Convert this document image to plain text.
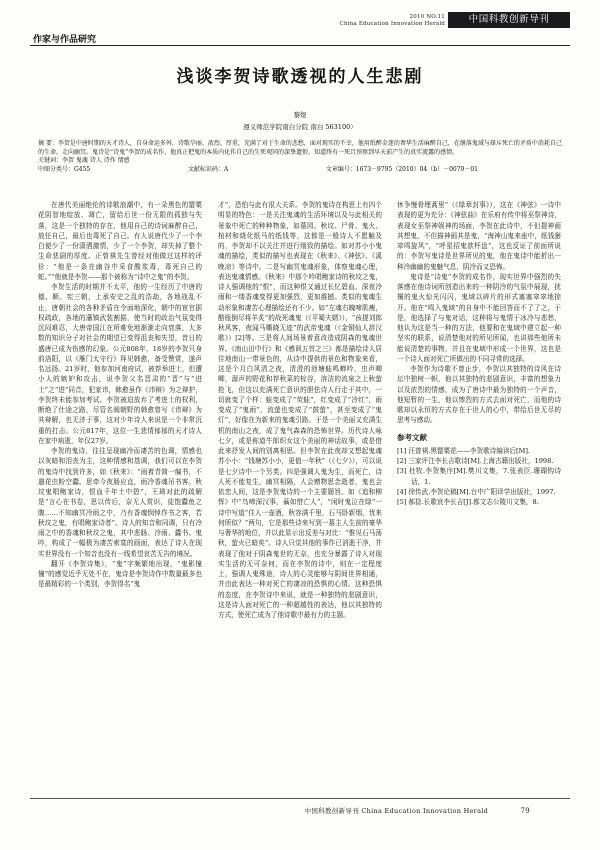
2010 NO.11
China Education Innovation Herald	中国科教创新导刊
作家与作品研究
浅谈李贺诗歌透视的人生悲剧
黎煜
遵义师范学院南白分院 南白 563100）

摘 要：李贺是中唐时期的天才诗人，自身命运多舛，诗歌孕丽、浓烈、厚重，充满了对于生命的悲愁，面对现实的不幸，他用纸醉金迷的奢华生活麻醉自己，在继落鬼域与择斥死亡的矛盾中消耗自己的生命，走向幽冥。鬼诗是“诗鬼”李贺的成名作，他真正把鬼的本质内化作自己的生死观同的深挚遗恨，知道终有一死且预察到早天前产生的真实流露的感情。

关键词：李贺 鬼魂 诗人 诗作 情感

中图分类号：G455	文献标识码：A	文章编号：1673－9795（2010）04（b）－0079－01

在唐代美丽绝伦的诗歌浪潮中，有一朵黑色的罂粟花阴智地绽放、凋亡，留给后世一份无限的孤独与失落，这是一个独特的存在，他用自己的诗词麻醉自己，放任自己，最后也毒死了自己。有人说唐代少了一个李白便少了一份潇洒激情，少了一个李贺，却失掉了整个生命悲剧的厚度。正曾祺先生曾经对他做过这样的评价：“他是一条在幽谷中采食酸浆毒，毒死自己的蛇。”“他就是李贺——那个被称为“诗中之鬼”的李贺。

李贺生活的时期并不太平，他的一生经历了中唐的德、顺、宪三朝，上承安史之乱的浩劫，各地战乱不止，唐朝社会的各种矛盾在令面地深化，朝中的宦官据权疏政，各地的藩镇武装割据，使当时的政治气氛变得沉闷难忍，大唐帝国江在所难免地渐渐走向衰落，大多数的知识分子对社会的期望已变得沮丧和失望，昔日的盛唐已成为伤感的幻象。公元808年，18岁的李贺只身前洛阳，以《雁门太守行》拜见韩愈，备受赞赏，遂声名远扬。21岁时，他参加河南府试，被荐举进士，但遭小人的嫉妒和攻击，说李贺父名晋肃的“晋”与“进士”之“进”同音，犯家讳，韩愈虽作《讳辩》为之辩护，李贺终未能参加考试。李贺被迫放弃了考进士的权利，断绝了仕途之路，尽管名阀朝野的韩愈曾写《讳辩》为其辩解，也无济于事，这对少年诗人来说是一个非常沉重的打击。公元817年，这位一生悲情郁郁的天才诗人在家中病逝，年仅27岁。

李贺的鬼诗，往往呈现幽冷而凄苦的色调，情感也以灰暗和泪丧为主，这种情感和基调，我们可以在李贺的鬼诗中找到许多，如《秋来》：“雨着青简一编书，不遣花虫粉空蠹。思牵今夜肠应直，雨冷香魂吊书客。秋坟鬼唱鲍家诗，恨血千年土中碧”，王琦对此的疏解是“言心在书卷，思以传后，奈无人赏识，徒饱蠹鱼之腹……不知幽冥冷雨之中，乃有香魂悯悼作书之客，若秋坟之鬼，有唱鲍家诗者”。诗人的知音和同调，只有冷雨之中的香魂和秋坟之鬼，其中悲肠、冷雨、蠹书、鬼吟，构成了一幅极为凄苦索寞的画面，表达了诗人在现实世界没有一个知音也没有一线希望哀苦无告的境况。

翻开《李贺诗集》，“鬼”字频繁地出现，“鬼影憧憧”的感觉近乎无处不在，鬼诗是李贺诗作中数量最多也是最精彩的一个类别，李贺得名“鬼

才”，恐怕与此有很大关系。李贺的鬼诗在构思上有四个明显的特色：一是关注鬼魂的生活环境以及与此相关的景象中死亡的种种物象，如墓园、秋坟、尸骨、鬼火、棺材和烧化纸马的纸钱等，这都是一般诗人不愿触及的，李贺却不以关注并进行细致的描绘。如对苏小小鬼魂的描绘，类似的描写也表现在《秋来》、《神弦》、《溪晚凉》等诗中。二是写幽冥鬼魂形象，体察鬼魂心理，表达鬼魂情感。《秋来》中那个吟唱鲍家诗的秋坟之鬼，诗人强调他的“恨”，而这种恨又通过长忆碧血、深夜冷雨和一缕香魂变得更加强烈，更加震撼。类似的鬼魂生动形象和凄苦心理描绘还有不少。如“左魂右魄啼肌瘦，酪瓶倒尽将羊炙”的战死魂鬼（《平蜀夫婿》），“孩提刘郎秋风客，夜闻马嘶晓无迹”的武帝鬼魂（《金铜仙人辞汉歌》）[2]等。三是将人间场景着意改造成阴森的鬼魂世界。《南山田中行》和《感讽五首之三》都是描绘诗人居住地南山一带景色的，从诗中提供的景色和物象来看，这是个月白风清之夜，清澄的池塘蛙鸣蝉吟，虫声唧唧，潺声的野花和荐秋菜的棕谷，溶洁的流泉之上秋萤抢飞，但这以充满死亡意识的胆怯诗人行走于其中，一切就变了个样：蛙变成了“荧蛙”，红变成了“冷红”，雨变成了“鬼雨”，流萤也变成了“鼓萤”，甚至变成了“鬼灯”，好像在为新来的鬼魂引路。于是一个美丽又充满生机的南山之夜，成了鬼气森森的恐怖世界。历代诗人咏七夕，或是称道牛郎织女这个美丽的神话故事，或是借此来抒发人间的别离相思。但李贺在此夜却又想起鬼魂苏小小：“钱塘苏小小，更值一年秋”（《七夕》），可以说是七夕诗中一个另类。四是强调人鬼为生，而死亡，诗人死不能复生，幽冥相隔，人会赠物思念逝者，鬼也会依恋人间，这是李贺鬼诗的一个主要题旨。如《追和柳恽》中“鸟啼深汉事，蓊如惜亡人”，“闲时鬼泣在绿”一诗中写道“住人一壶酒，秋容满千里，石马卧新烟，忧来何所似？”两句，它是那些诗来写到一墓主人生前的豪华与奢华的地位，并以此显示出反差与对比：“惟见石马荡秋，萤火已暗矣”。诗人只觉其他的事作已消逝干净，并表现了他对于阴森鬼世的无奈，也充分暴露了诗人对现实生活的无可奈何，而在李贺的诗中，则在一定程度上，强调人鬼殊途，诗人的心灵能够与阴间世界相通，并由此表达一种对死亡的凄凉的恐惧的心情。这种恐惧的态度，在李贺诗中来说，就是一种独特的悲剧意识，这是诗人面对死亡的一种超越性的表达，他以其独特的方式，使死亡成为了他诗歌中最有力的主题。

休争慢骨埋蒿里”（《绿章封事》），这在《神弦》一诗中表现的更为充分：《神弦曲》在乐府有传中将巫祭神诗，表现女巫祭神娱神的场面，李贺在此诗中，不但提神画其想鬼，不但描神画其是鬼，“海神山鬼来座中，纸钱窸窣鸣旋风”，“呼星招鬼歆杯盘”，这也反证了前面所说的：李贺写鬼诗是世界所见的鬼，他在鬼诗中能折出一种冷幽幽的鬼魅气息，阴冷而又恐怖。

鬼诗是“诗鬼”李贺的成名作，现实世界中强烈的失落感在他诗词所创造出来的一种阴冷的气氛中展现，扰攘的鬼火惊光闪闪，鬼域以碎片的形式塞塞窣窣地掠开。他在“鸣入鬼域”的自身中不能回答而不了了之，于是，他选择了与鬼对话，这种将与鬼情于冰冷与悲愁，他认为这是当一种的方法，他要和在鬼域中建立起一种坚实的联系，说清楚他对的所见所闻，也讲那些他所未能说清楚的事物，并且在鬼域中形成一个世界，这也是一个诗人面对死亡所做出的不同寻常的选择。

李贺作为诗歌不曾止步，李贺以其独特的诗风在诗坛中独树一帜，他以其独特的悲剧意识，丰富的想象力以及浓烈的情感，成为了唐诗中最为独特的一个声音，他短暂的一生，他以惨烈的方式去面对死亡，而他的诗歌却以永恒的方式存在于世人的心中，带给后世无尽的思考与感动。

参考文献
[1] 汪曾祺.黑罂粟花——李贺歌诗编读后[M].
[2] 三家评注李长吉歌诗[M].上海古籍出版社，1998.
[3] 杜牧.李贺集序[M].樊川文集，7.张表臣.珊瑚钩诗话，1.
[4] 徐传武.李贺论稿[M].台中广阳译学出版社，1997.
[5] 郝捻.长歌哀李长吉[J].都文志公陵川文集，8.
中国科教创新导刊 China Education Innovation Herald	79
